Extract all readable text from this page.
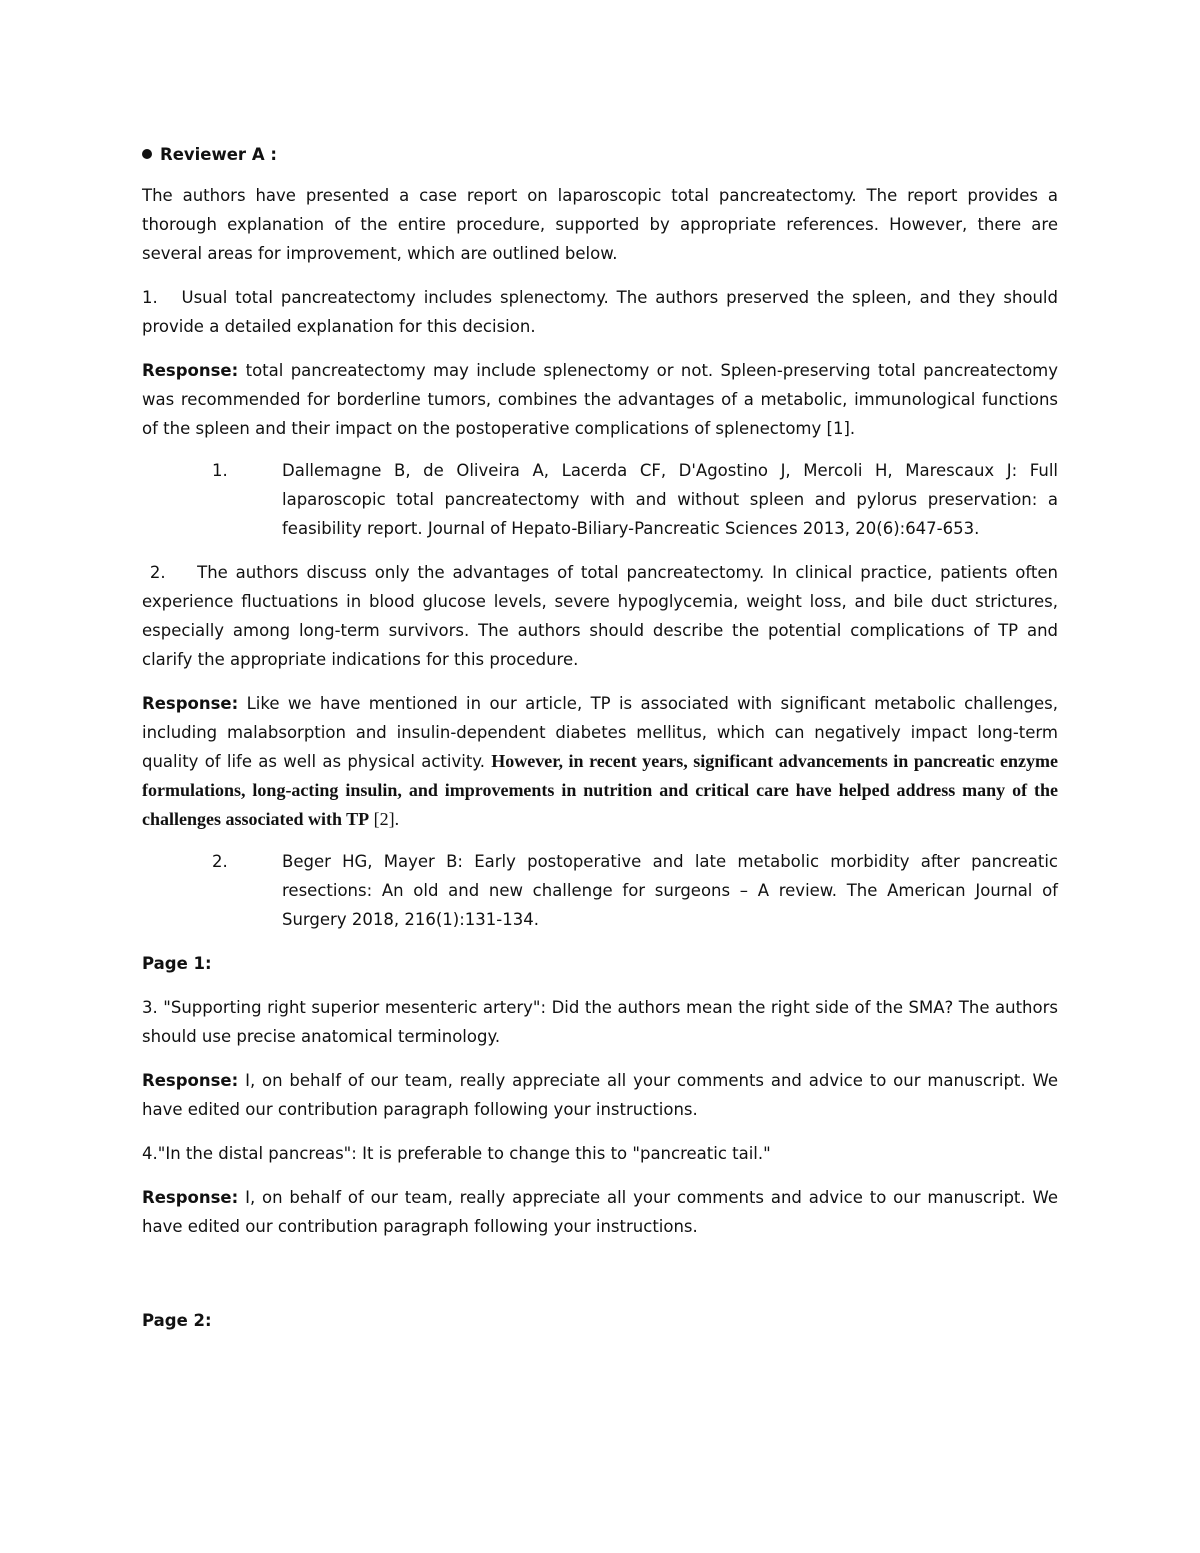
Reviewer A :

The authors have presented a case report on laparoscopic total pancreatectomy. The report provides a thorough explanation of the entire procedure, supported by appropriate references. However, there are several areas for improvement, which are outlined below.

1. Usual total pancreatectomy includes splenectomy. The authors preserved the spleen, and they should provide a detailed explanation for this decision.

Response: total pancreatectomy may include splenectomy or not. Spleen-preserving total pancreatectomy was recommended for borderline tumors, combines the advantages of a metabolic, immunological functions of the spleen and their impact on the postoperative complications of splenectomy [1].

1.	Dallemagne B, de Oliveira A, Lacerda CF, D'Agostino J, Mercoli H, Marescaux J: Full laparoscopic total pancreatectomy with and without spleen and pylorus preservation: a feasibility report. Journal of Hepato-Biliary-Pancreatic Sciences 2013, 20(6):647-653.

2. The authors discuss only the advantages of total pancreatectomy. In clinical practice, patients often experience fluctuations in blood glucose levels, severe hypoglycemia, weight loss, and bile duct strictures, especially among long-term survivors. The authors should describe the potential complications of TP and clarify the appropriate indications for this procedure.

Response: Like we have mentioned in our article, TP is associated with significant metabolic challenges, including malabsorption and insulin-dependent diabetes mellitus, which can negatively impact long-term quality of life as well as physical activity. However, in recent years, significant advancements in pancreatic enzyme formulations, long-acting insulin, and improvements in nutrition and critical care have helped address many of the challenges associated with TP [2].

2.	Beger HG, Mayer B: Early postoperative and late metabolic morbidity after pancreatic resections: An old and new challenge for surgeons – A review. The American Journal of Surgery 2018, 216(1):131-134.
Page 1:

3. "Supporting right superior mesenteric artery": Did the authors mean the right side of the SMA? The authors should use precise anatomical terminology.

Response: I, on behalf of our team, really appreciate all your comments and advice to our manuscript. We have edited our contribution paragraph following your instructions.

4."In the distal pancreas": It is preferable to change this to "pancreatic tail."

Response: I, on behalf of our team, really appreciate all your comments and advice to our manuscript. We have edited our contribution paragraph following your instructions.

Page 2:
